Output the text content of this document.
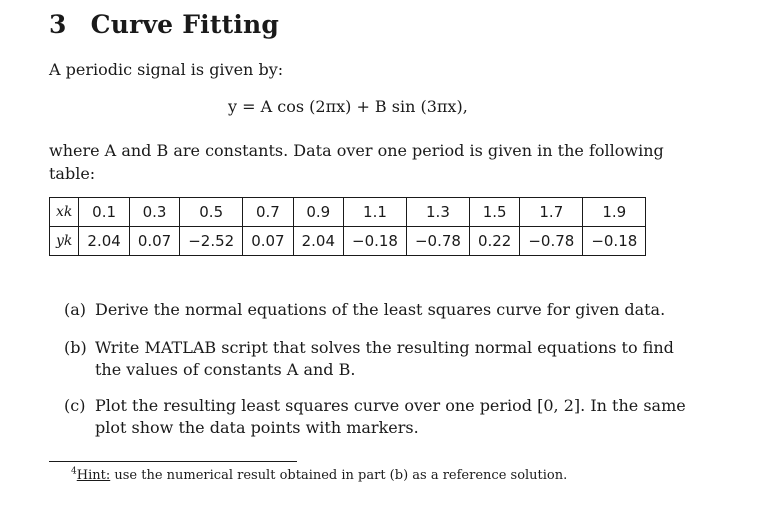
3 Curve Fitting

A periodic signal is given by:

y = A cos (2πx) + B sin (3πx),

where A and B are constants. Data over one period is given in the following table:

xk	0.1	0.3	0.5	0.7	0.9	1.1	1.3	1.5	1.7	1.9
yk	2.04	0.07	−2.52	0.07	2.04	−0.18	−0.78	0.22	−0.78	−0.18
(a) Derive the normal equations of the least squares curve for given data.
(b) Write MATLAB script that solves the resulting normal equations to find the values of constants A and B.
(c) Plot the resulting least squares curve over one period [0, 2]. In the same plot show the data points with markers.

$^4$Hint: use the numerical result obtained in part (b) as a reference solution.
